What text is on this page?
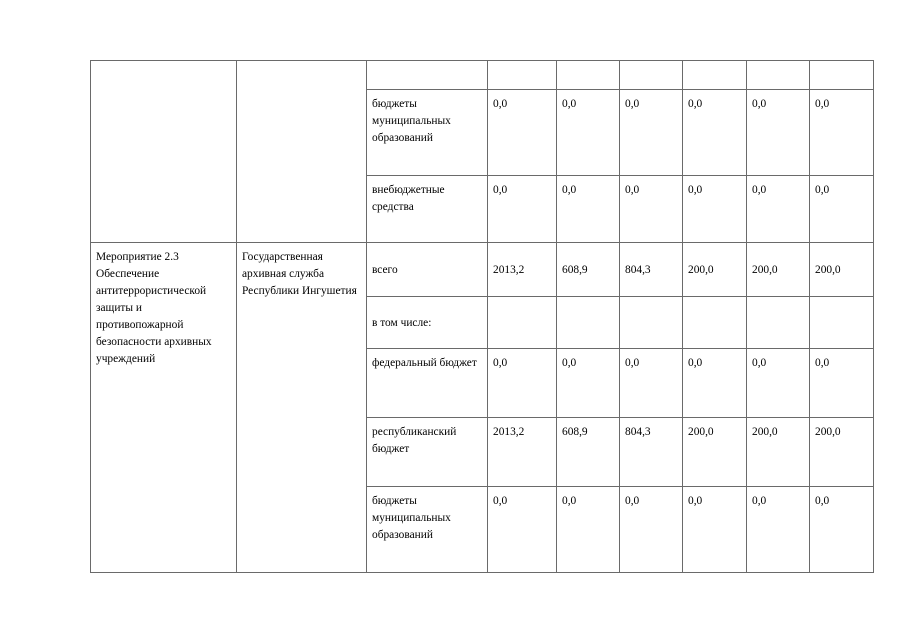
		бюджеты муниципальных образований	0,0	0,0	0,0	0,0	0,0	0,0
		внебюджетные средства	0,0	0,0	0,0	0,0	0,0	0,0
Мероприятие 2.3 Обеспечение антитеррористической защиты и противопожарной безопасности архивных учреждений	Государственная архивная служба Республики Ингушетия	всего	2013,2	608,9	804,3	200,0	200,0	200,0
		в том числе:						
		федеральный бюджет	0,0	0,0	0,0	0,0	0,0	0,0
		республиканский бюджет	2013,2	608,9	804,3	200,0	200,0	200,0
		бюджеты муниципальных образований	0,0	0,0	0,0	0,0	0,0	0,0
